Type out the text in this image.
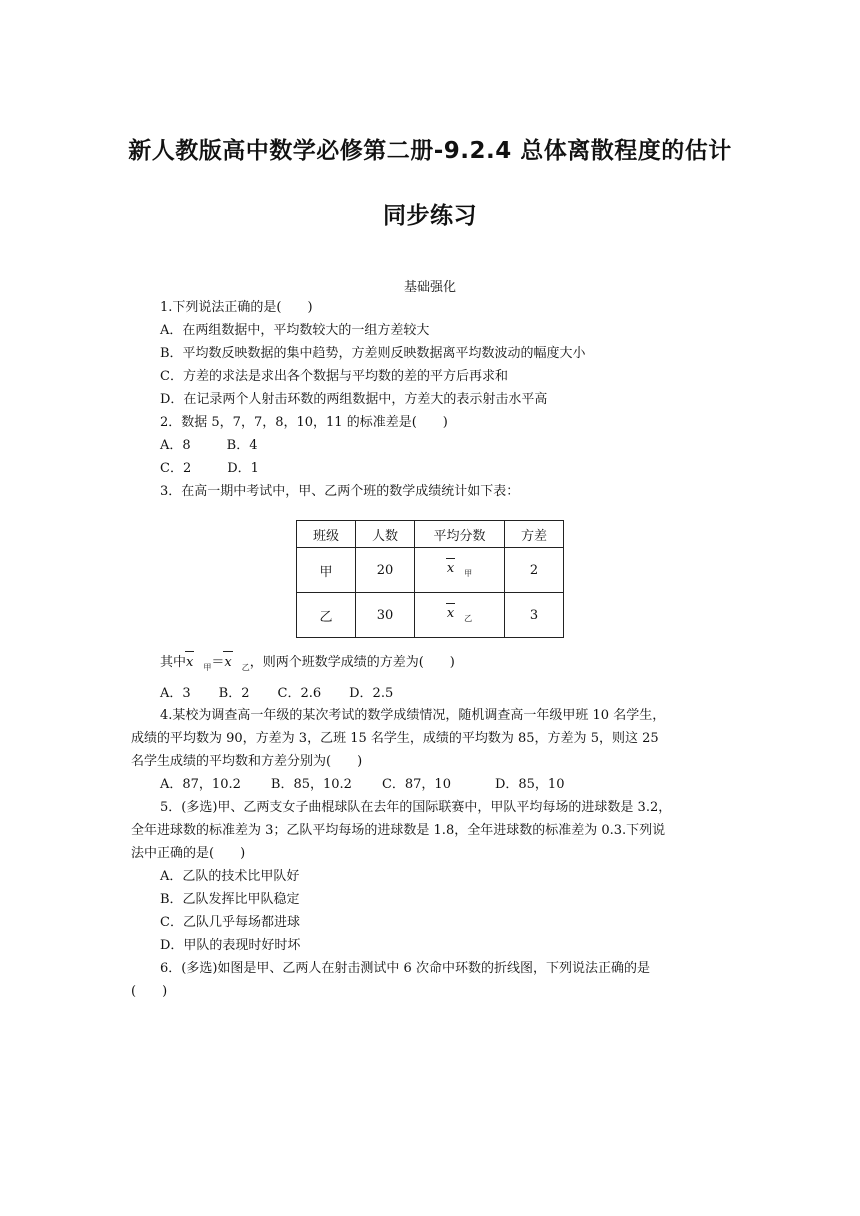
新人教版高中数学必修第二册-9.2.4 总体离散程度的估计
同步练习
基础强化
1.下列说法正确的是(　　)
A．在两组数据中，平均数较大的一组方差较大
B．平均数反映数据的集中趋势，方差则反映数据离平均数波动的幅度大小
C．方差的求法是求出各个数据与平均数的差的平方后再求和
D．在记录两个人射击环数的两组数据中，方差大的表示射击水平高
2．数据 5，7，7，8，10，11 的标准差是(　　)
A．8	B．4
C．2	D．1
3．在高一期中考试中，甲、乙两个班的数学成绩统计如下表：
班级	人数	平均分数	方差
甲	20	x $_甲$	2
乙	30	x $_乙$	3
其中x $_甲$＝x $_乙$，则两个班数学成绩的方差为(　　)
A．3 B．2 C．2.6 D．2.5
4.某校为调查高一年级的某次考试的数学成绩情况，随机调查高一年级甲班 10 名学生，
成绩的平均数为 90，方差为 3，乙班 15 名学生，成绩的平均数为 85，方差为 5，则这 25
名学生成绩的平均数和方差分别为(　　)
A．87，10.2 B．85，10.2 C．87，10	D．85，10
5．(多选)甲、乙两支女子曲棍球队在去年的国际联赛中，甲队平均每场的进球数是 3.2，
全年进球数的标准差为 3；乙队平均每场的进球数是 1.8，全年进球数的标准差为 0.3.下列说
法中正确的是(　　)
A．乙队的技术比甲队好
B．乙队发挥比甲队稳定
C．乙队几乎每场都进球
D．甲队的表现时好时坏
6．(多选)如图是甲、乙两人在射击测试中 6 次命中环数的折线图，下列说法正确的是
(　　)
